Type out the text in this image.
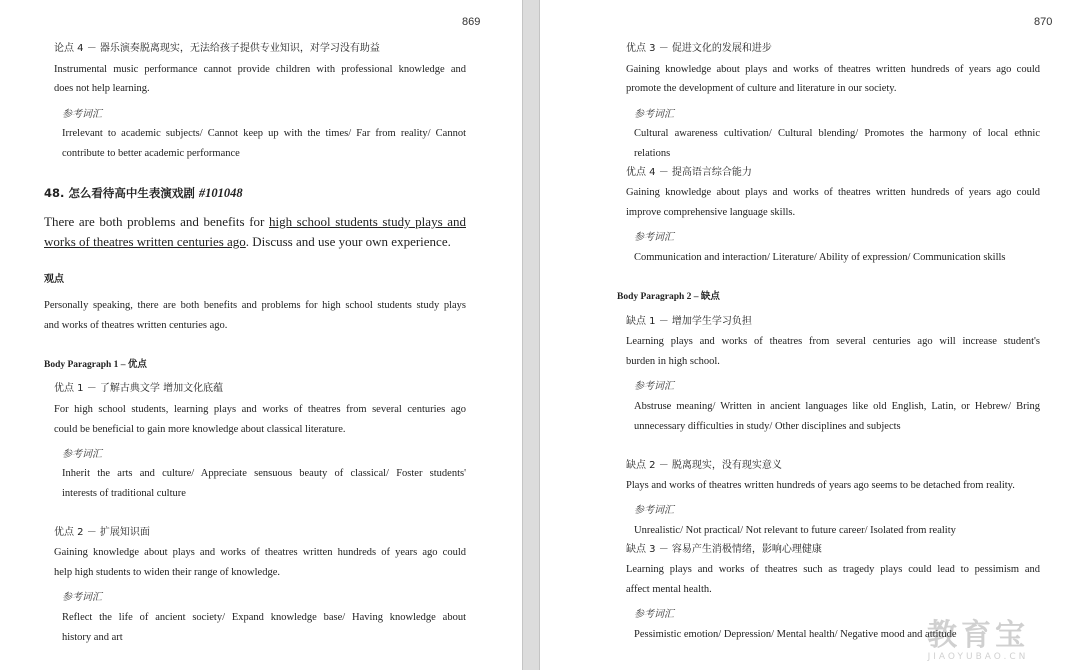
869
论点 4 － 器乐演奏脱离现实，无法给孩子提供专业知识，对学习没有助益
Instrumental music performance cannot provide children with professional knowledge and
does not help learning.
参考词汇
Irrelevant to academic subjects/ Cannot keep up with the times/ Far from reality/ Cannot
contribute to better academic performance
48. 怎么看待高中生表演戏剧 #101048
There are both problems and benefits for high school students study plays and
works of theatres written centuries ago. Discuss and use your own experience.
观点
Personally speaking, there are both benefits and problems for high school students study plays
and works of theatres written centuries ago.
Body Paragraph 1 – 优点
优点 1 － 了解古典文学 增加文化底蕴
For high school students, learning plays and works of theatres from several centuries ago
could be beneficial to gain more knowledge about classical literature.
参考词汇
Inherit the arts and culture/ Appreciate sensuous beauty of classical/ Foster students'
interests of traditional culture
优点 2 － 扩展知识面
Gaining knowledge about plays and works of theatres written hundreds of years ago could
help high students to widen their range of knowledge.
参考词汇
Reflect the life of ancient society/ Expand knowledge base/ Having knowledge about
history and art
870
优点 3 － 促进文化的发展和进步
Gaining knowledge about plays and works of theatres written hundreds of years ago could
promote the development of culture and literature in our society.
参考词汇
Cultural awareness cultivation/ Cultural blending/ Promotes the harmony of local ethnic
relations
优点 4 － 提高语言综合能力
Gaining knowledge about plays and works of theatres written hundreds of years ago could
improve comprehensive language skills.
参考词汇
Communication and interaction/ Literature/ Ability of expression/ Communication skills
Body Paragraph 2 – 缺点
缺点 1 － 增加学生学习负担
Learning plays and works of theatres from several centuries ago will increase student's
burden in high school.
参考词汇
Abstruse meaning/ Written in ancient languages like old English, Latin, or Hebrew/ Bring
unnecessary difficulties in study/ Other disciplines and subjects
缺点 2 － 脱离现实，没有现实意义
Plays and works of theatres written hundreds of years ago seems to be detached from reality.
参考词汇
Unrealistic/ Not practical/ Not relevant to future career/ Isolated from reality
缺点 3 － 容易产生消极情绪，影响心理健康
Learning plays and works of theatres such as tragedy plays could lead to pessimism and
affect mental health.
参考词汇
Pessimistic emotion/ Depression/ Mental health/ Negative mood and attitude
教育宝
JIAOYUBAO.CN
